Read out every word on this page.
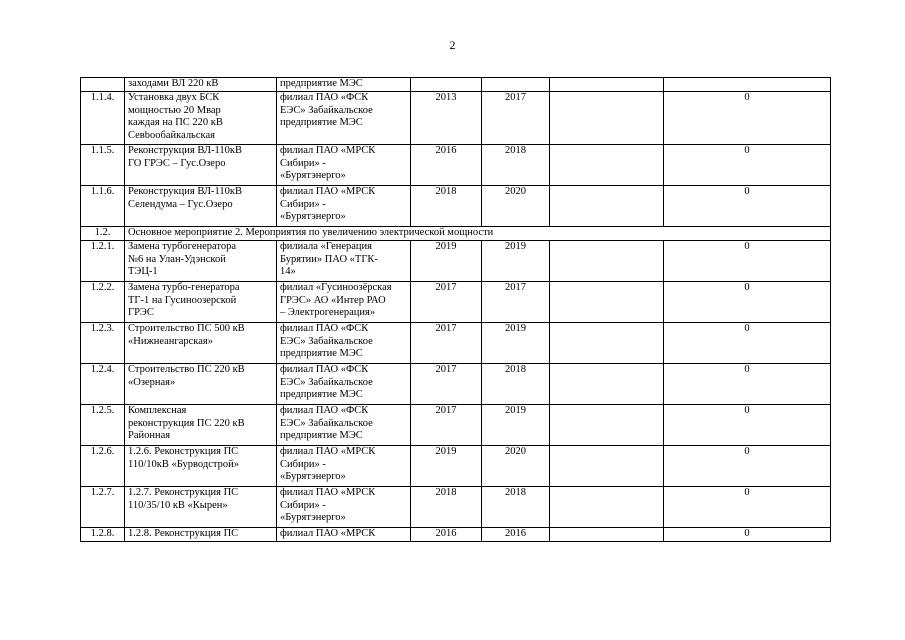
2
	заходами ВЛ 220 кВ	предприятие МЭС				
1.1.4.	Установка двух БСК
мощностью 20 Мвар
каждая на ПС 220 кВ
Севbooбайкальская	филиал ПАО «ФСК
ЕЭС» Забайкальское
предприятие МЭС	2013	2017		0
1.1.5.	Реконструкция ВЛ-110кВ
ГО ГРЭС – Гус.Озеро	филиал ПАО «МРСК
Сибири» -
«Бурятэнерго»	2016	2018		0
1.1.6.	Реконструкция ВЛ-110кВ
Селендума – Гус.Озеро	филиал ПАО «МРСК
Сибири» -
«Бурятэнерго»	2018	2020		0
1.2.	Основное мероприятие 2. Мероприятия по увеличению электрической мощности					
1.2.1.	Замена турбогенератора
№6 на Улан-Удэнской
ТЭЦ-1	филиала «Генерация
Бурятии» ПАО «ТГК-
14»	2019	2019		0
1.2.2.	Замена турбо-генератора
ТГ-1 на Гусиноозерской
ГРЭС	филиал «Гусиноозёрская
ГРЭС» АО «Интер РАО
– Электрогенерация»	2017	2017		0
1.2.3.	Строительство ПС 500 кВ
«Нижнеангарская»	филиал ПАО «ФСК
ЕЭС» Забайкальское
предприятие МЭС	2017	2019		0
1.2.4.	Строительство ПС 220 кВ
«Озерная»	филиал ПАО «ФСК
ЕЭС» Забайкальское
предприятие МЭС	2017	2018		0
1.2.5.	Комплексная
реконструкция ПС 220 кВ
Районная	филиал ПАО «ФСК
ЕЭС» Забайкальское
предприятие МЭС	2017	2019		0
1.2.6.	1.2.6. Реконструкция ПС
110/10кВ «Бурводстрой»	филиал ПАО «МРСК
Сибири» -
«Бурятэнерго»	2019	2020		0
1.2.7.	1.2.7. Реконструкция ПС
110/35/10 кВ «Кырен»	филиал ПАО «МРСК
Сибири» -
«Бурятэнерго»	2018	2018		0
1.2.8.	1.2.8. Реконструкция ПС	филиал ПАО «МРСК	2016	2016		0
